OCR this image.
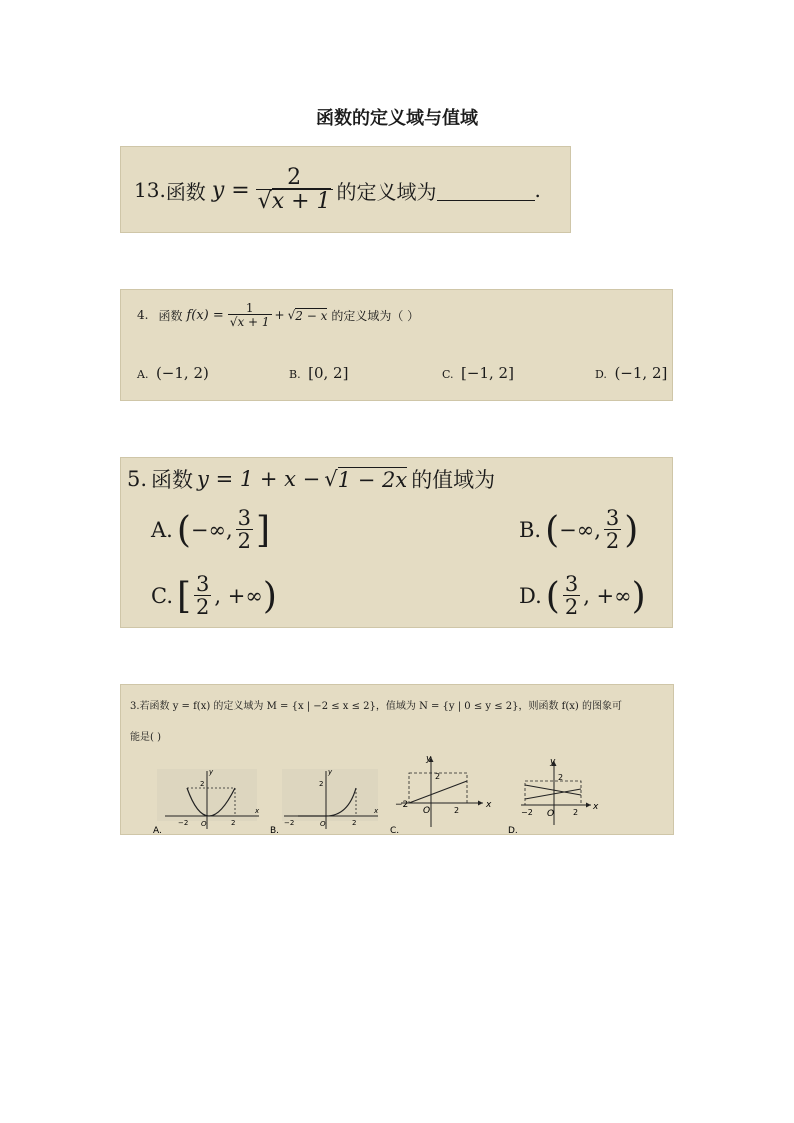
函数的定义域与值域
13. 函数 $y = \frac{2}{√x + 1}$ 的定义域为	.
4. 函数 $f(x) = \frac{1}{√x + 1}$ + √ 2 − x 的定义域为（ ）
A. (−1, 2)	B. [0, 2]	C. [−1, 2]	D. (−1, 2]
5. 函数 y = 1 + x − √ 1 − 2x 的值域为
A. ( −∞, $\frac{3}{2}$ ]	B. ( −∞, $\frac{3}{2}$ )
C. [ $\frac{3}{2}$ , +∞ )	D. ( $\frac{3}{2}$ , +∞ )
3.若函数 y = f(x) 的定义域为 M = {x | −2 ≤ x ≤ 2}，值域为 N = {y | 0 ≤ y ≤ 2}，则函数 f(x) 的图象可
能是( )
y
x
2
−2 O	2
A.
y
x
2
−2	O	2
B.
y
x
2
−2
O	2
C.
y
x
2
−2 O 2
D.
